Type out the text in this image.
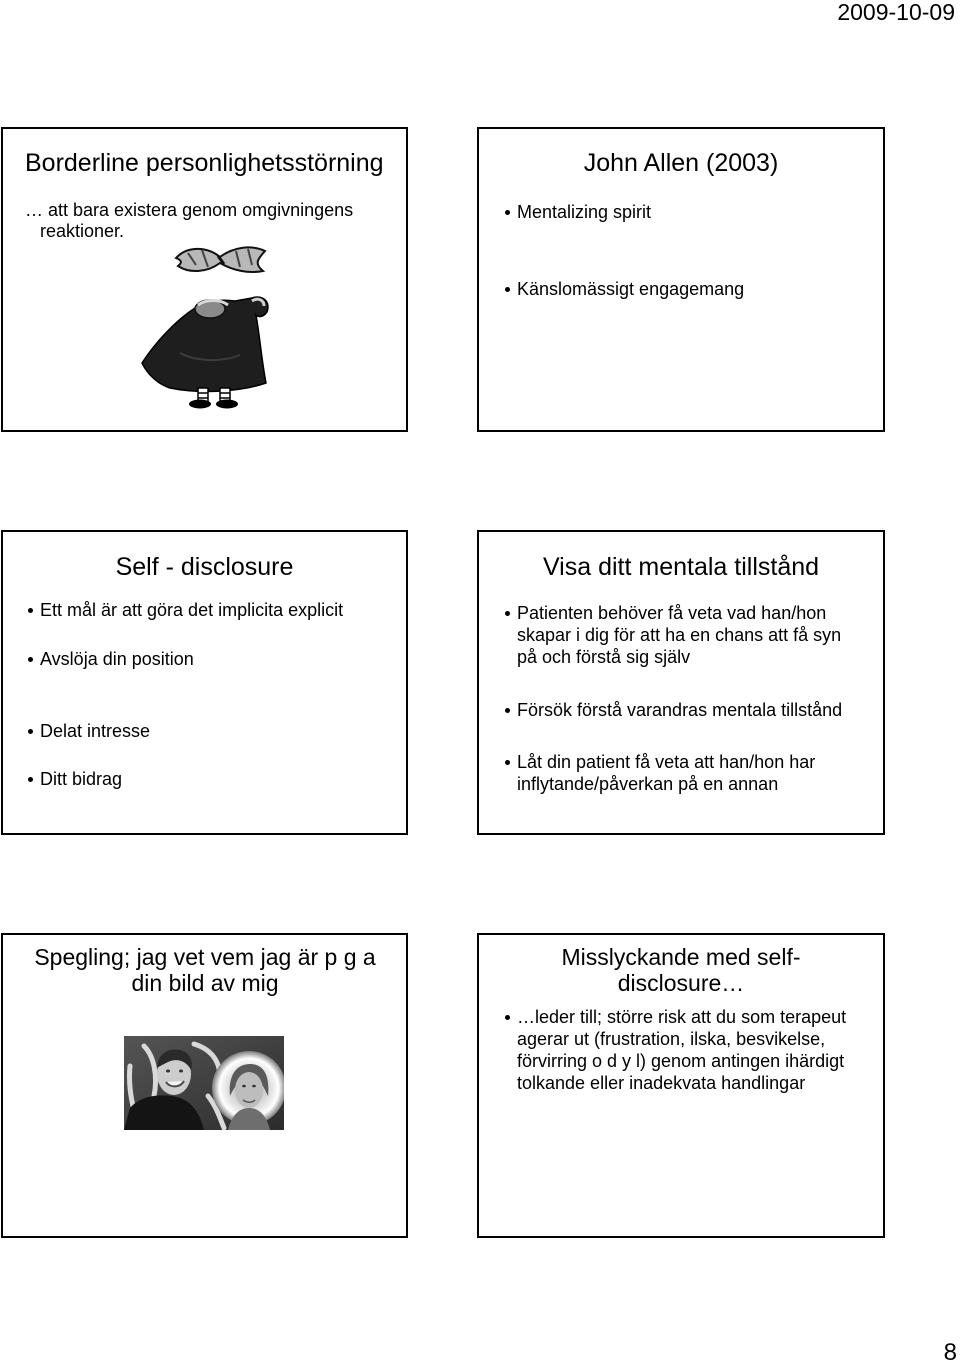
2009-10-09
Borderline personlighetsstörning
… att bara existera genom omgivningens reaktioner.
John Allen (2003)
Mentalizing spirit
Känslomässigt engagemang
Self - disclosure
Ett mål är att göra det implicita explicit
Avslöja din position
Delat intresse
Ditt bidrag
Visa ditt mentala tillstånd
Patienten behöver få veta vad han/hon skapar i dig för att ha en chans att få syn på och förstå sig själv
Försök förstå varandras mentala tillstånd
Låt din patient få veta att han/hon har inflytande/påverkan på en annan
Spegling; jag vet vem jag är p g a din bild av mig
Misslyckande med self-disclosure…
…leder till; större risk att du som terapeut agerar ut (frustration, ilska, besvikelse, förvirring o d y l) genom antingen ihärdigt tolkande eller inadekvata handlingar
8
